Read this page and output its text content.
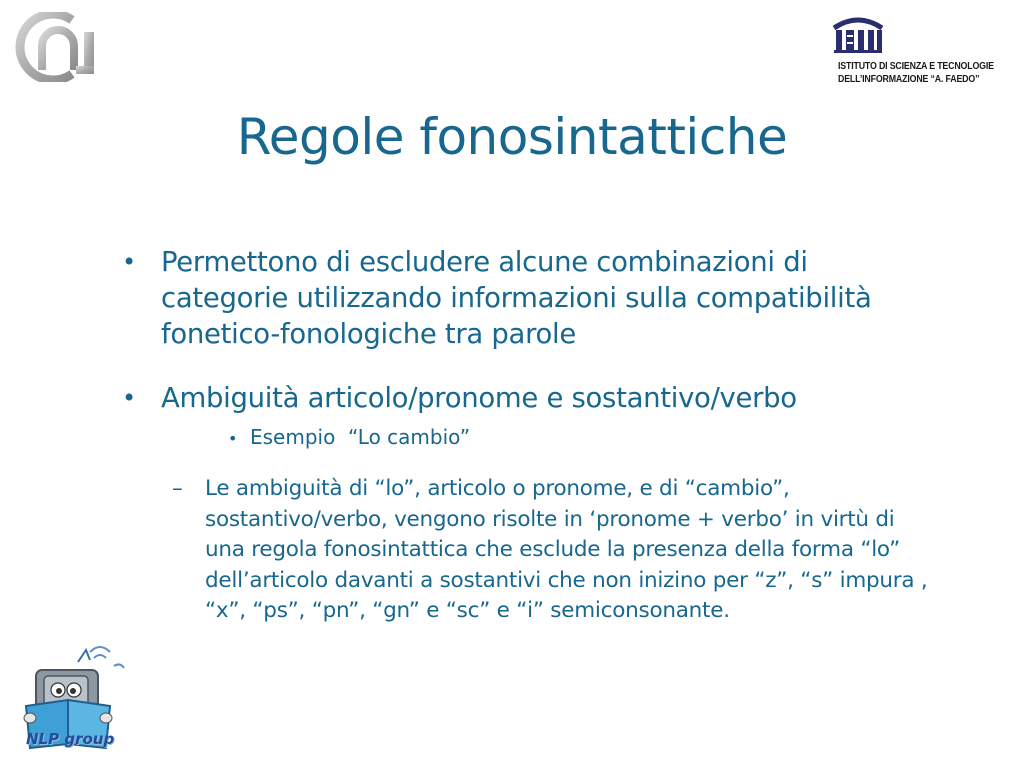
ISTITUTO DI SCIENZA E TECNOLOGIE
DELL’INFORMAZIONE “A. FAEDO”
Regole fonosintattiche
• Permettono di escludere alcune combinazioni di categorie utilizzando informazioni sulla compatibilità fonetico-fonologiche tra parole
• Ambiguità articolo/pronome e sostantivo/verbo
• Esempio  “Lo cambio”
–	Le ambiguità di “lo”, articolo o pronome, e di “cambio”, sostantivo/verbo, vengono risolte in ‘pronome + verbo’ in virtù di una regola fonosintattica che esclude la presenza della forma “lo” dell’articolo davanti a sostantivi che non inizino per “z”, “s” impura , “x”, “ps”, “pn”, “gn” e “sc” e “i” semiconsonante.
NLP group
